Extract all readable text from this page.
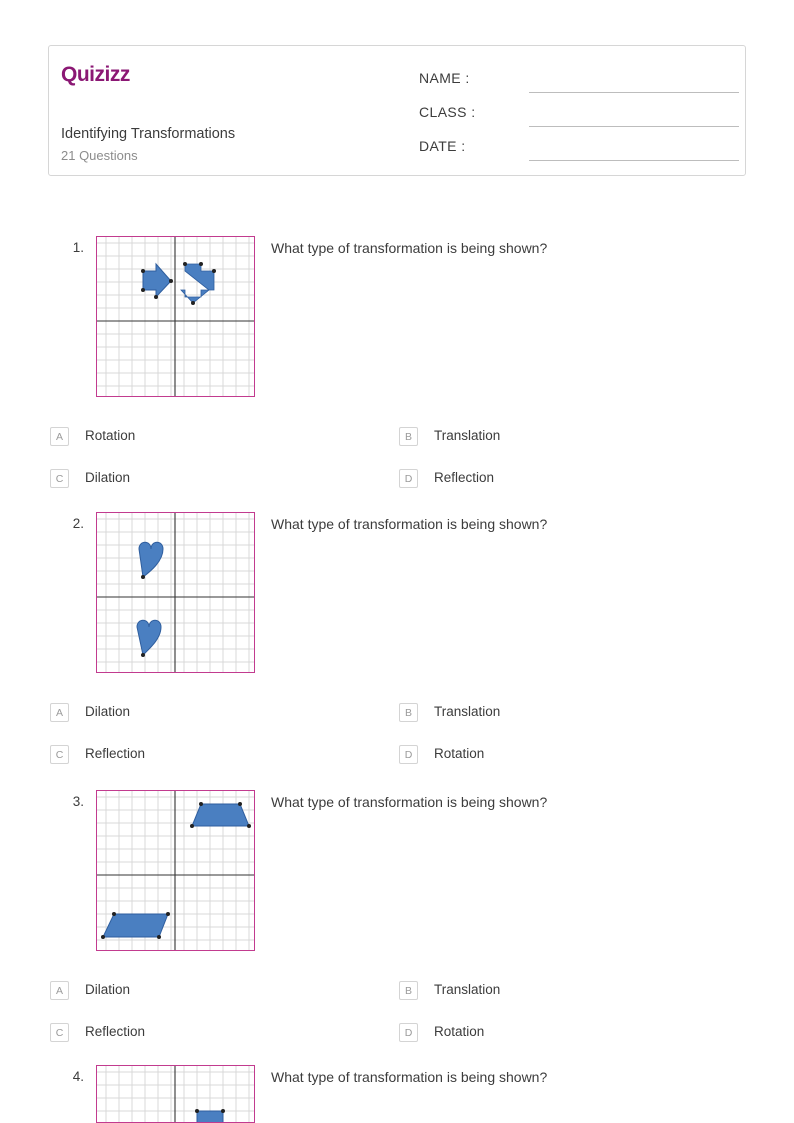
Quizizz
Identifying Transformations
21 Questions
NAME :
CLASS :
DATE :
1.	What type of transformation is being shown?
A	Rotation	B	Translation
C	Dilation	D	Reflection
2.	What type of transformation is being shown?
A	Dilation	B	Translation
C	Reflection	D	Rotation
3.	What type of transformation is being shown?
A	Dilation	B	Translation
C	Reflection	D	Rotation
4.	What type of transformation is being shown?
